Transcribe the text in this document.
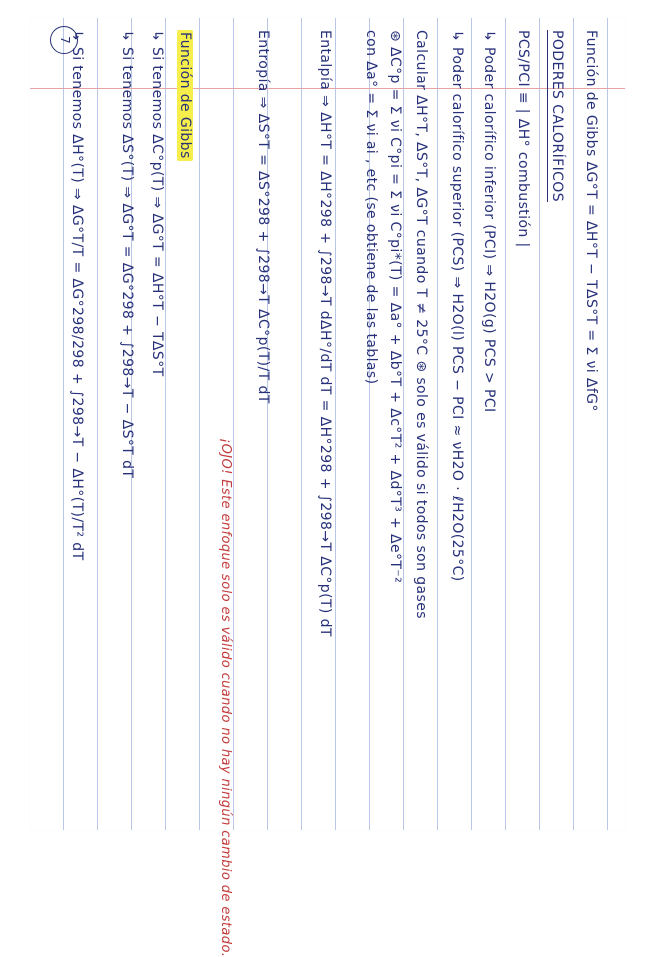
7	Función de Gibbs ΔG°T = ΔH°T − TΔS°T = Σ νi ΔfG°
PODERES CALORÍFICOS
PCS/PCI ≡ | ΔH° combustión |
↳ Poder calorífico inferior (PCI) ⇒ H2O(g) PCS > PCI
↳ Poder calorífico superior (PCS) ⇒ H2O(l) PCS − PCI ≈ νH2O · ℓH2O(25°C)
Calcular ΔH°T, ΔS°T, ΔG°T cuando T ≠ 25°C ⊛ solo es válido si todos son gases
⊛ ΔC°p = Σ νi C°pi = Σ νi C°pi*(T) = Δa° + Δb°T + Δc°T² + Δd°T³ + Δe°T⁻²
con Δa° = Σ νi ai , etc (se obtiene de las tablas)
Entalpía ⇒ ΔH°T = ΔH°298 + ∫298→T dΔH°/dT dT = ΔH°298 + ∫298→T ΔC°p(T) dT
Entropía ⇒ ΔS°T = ΔS°298 + ∫298→T ΔC°p(T)/T dT
¡OJO! Este enfoque solo es válido cuando no hay ningún cambio de estado.
Función de Gibbs
↳ Si tenemos ΔC°p(T) ⇒ ΔG°T = ΔH°T − TΔS°T
↳ Si tenemos ΔS°(T) ⇒ ΔG°T = ΔG°298 + ∫298→T − ΔS°T dT
↳ Si tenemos ΔH°(T) ⇒ ΔG°T/T = ΔG°298/298 + ∫298→T − ΔH°(T)/T² dT
